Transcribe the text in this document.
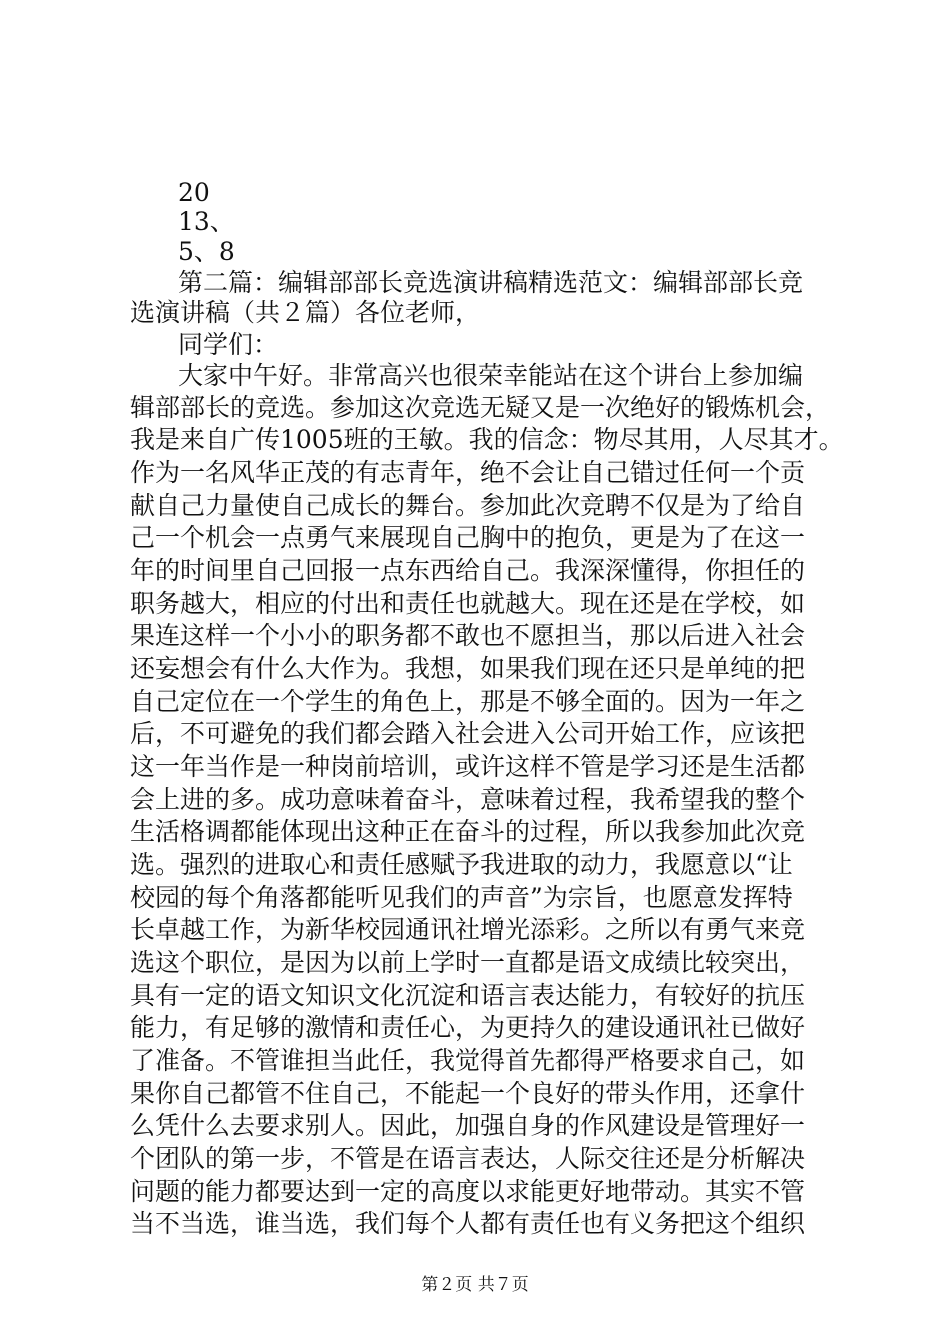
20
13、
5、8
第二篇：编辑部部长竞选演讲稿精选范文：编辑部部长竞
选演讲稿（共２篇）各位老师，
同学们：
大家中午好。非常高兴也很荣幸能站在这个讲台上参加编
辑部部长的竞选。参加这次竞选无疑又是一次绝好的锻炼机会，
我是来自广传1005班的王敏。我的信念：物尽其用，人尽其才。
作为一名风华正茂的有志青年，绝不会让自己错过任何一个贡
献自己力量使自己成长的舞台。参加此次竞聘不仅是为了给自
己一个机会一点勇气来展现自己胸中的抱负，更是为了在这一
年的时间里自己回报一点东西给自己。我深深懂得，你担任的
职务越大，相应的付出和责任也就越大。现在还是在学校，如
果连这样一个小小的职务都不敢也不愿担当，那以后进入社会
还妄想会有什么大作为。我想，如果我们现在还只是单纯的把
自己定位在一个学生的角色上，那是不够全面的。因为一年之
后，不可避免的我们都会踏入社会进入公司开始工作，应该把
这一年当作是一种岗前培训，或许这样不管是学习还是生活都
会上进的多。成功意味着奋斗，意味着过程，我希望我的整个
生活格调都能体现出这种正在奋斗的过程，所以我参加此次竞
选。强烈的进取心和责任感赋予我进取的动力，我愿意以“让
校园的每个角落都能听见我们的声音”为宗旨，也愿意发挥特
长卓越工作，为新华校园通讯社增光添彩。之所以有勇气来竞
选这个职位，是因为以前上学时一直都是语文成绩比较突出，
具有一定的语文知识文化沉淀和语言表达能力，有较好的抗压
能力，有足够的激情和责任心，为更持久的建设通讯社已做好
了准备。不管谁担当此任，我觉得首先都得严格要求自己，如
果你自己都管不住自己，不能起一个良好的带头作用，还拿什
么凭什么去要求别人。因此，加强自身的作风建设是管理好一
个团队的第一步，不管是在语言表达，人际交往还是分析解决
问题的能力都要达到一定的高度以求能更好地带动。其实不管
当不当选，谁当选，我们每个人都有责任也有义务把这个组织
第２页 共７页
